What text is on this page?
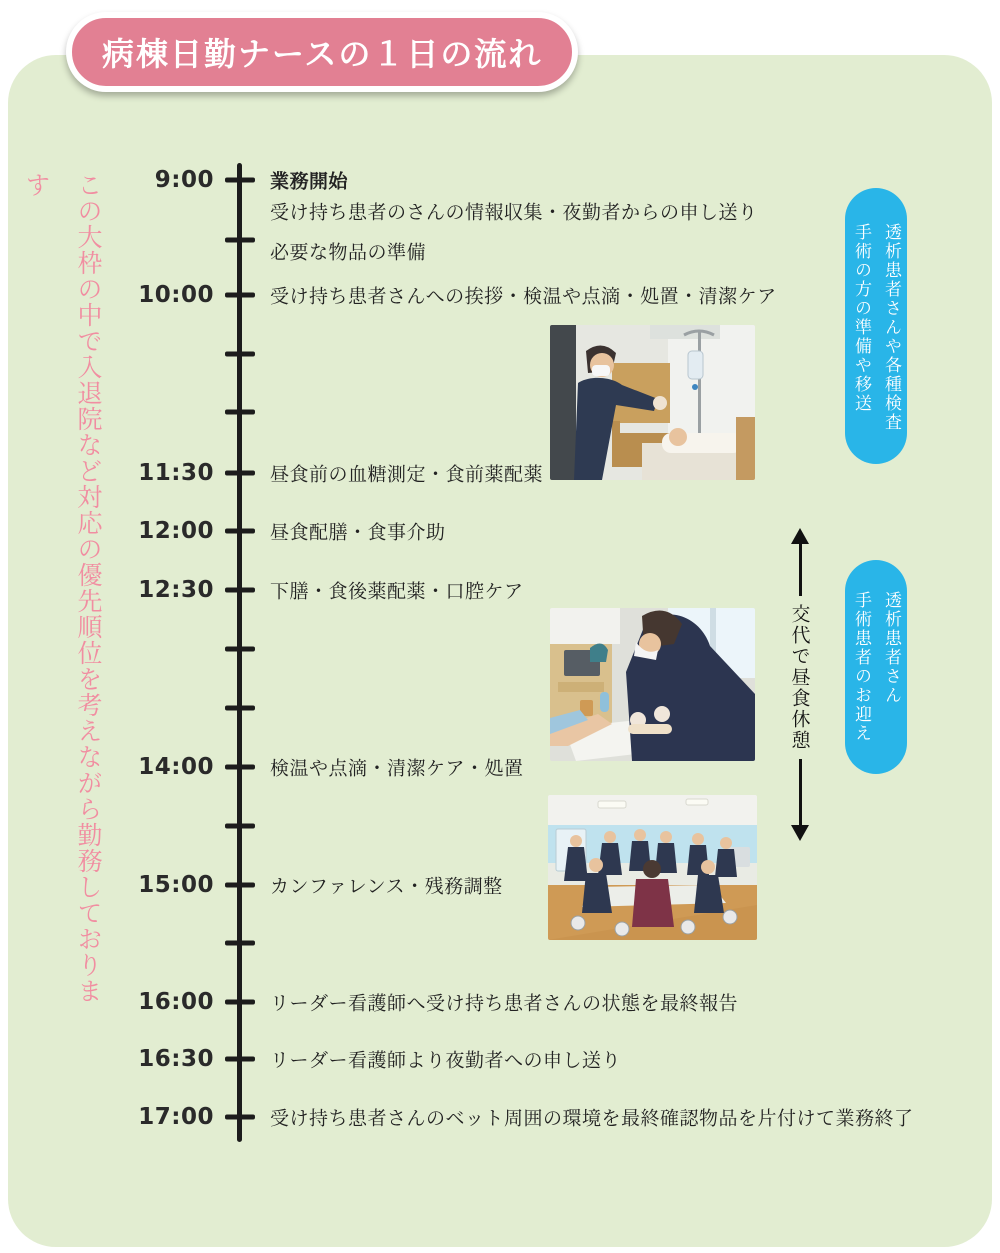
病棟日勤ナースの１日の流れ
この大枠の中で入退院など対応の優先順位を考えながら勤務しております	9:00	業務開始
受け持ち患者のさんの情報収集・夜勤者からの申し送り
必要な物品の準備
10:00	受け持ち患者さんへの挨拶・検温や点滴・処置・清潔ケア
11:30	昼食前の血糖測定・食前薬配薬
12:00	昼食配膳・食事介助
12:30	下膳・食後薬配薬・口腔ケア
14:00	検温や点滴・清潔ケア・処置
15:00	カンファレンス・残務調整
16:00	リーダー看護師へ受け持ち患者さんの状態を最終報告
16:30	リーダー看護師より夜勤者への申し送り
17:00	受け持ち患者さんのベット周囲の環境を最終確認物品を片付けて業務終了
透析患者さんや各種検査
手術の方の準備や移送
透析患者さん
手術患者のお迎え
交代で昼食休憩
